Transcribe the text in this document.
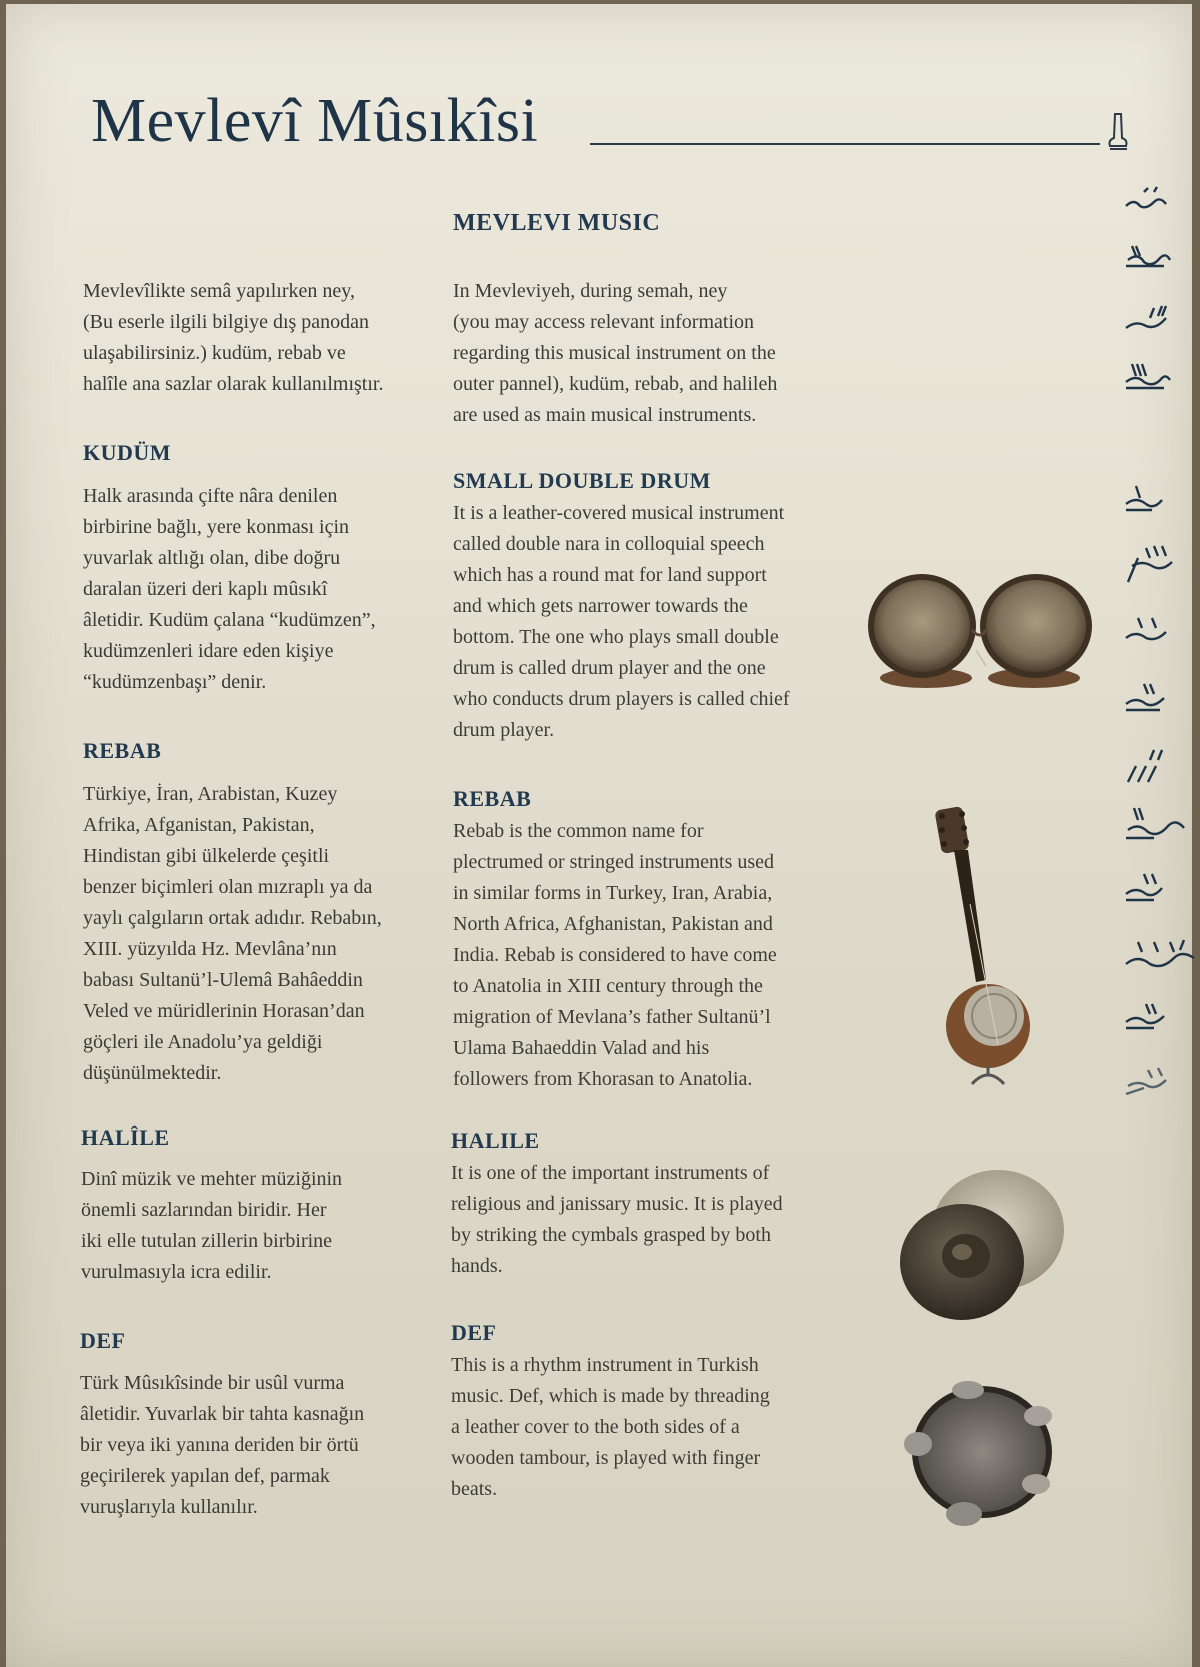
Mevlevî Mûsıkîsi

Mevlevîlikte semâ yapılırken ney,
(Bu eserle ilgili bilgiye dış panodan
ulaşabilirsiniz.) kudüm, rebab ve
halîle ana sazlar olarak kullanılmıştır.

KUDÜM

Halk arasında çifte nâra denilen
birbirine bağlı, yere konması için
yuvarlak altlığı olan, dibe doğru
daralan üzeri deri kaplı mûsıkî
âletidir. Kudüm çalana “kudümzen”,
kudümzenleri idare eden kişiye
“kudümzenbaşı” denir.

REBAB

Türkiye, İran, Arabistan, Kuzey
Afrika, Afganistan, Pakistan,
Hindistan gibi ülkelerde çeşitli
benzer biçimleri olan mızraplı ya da
yaylı çalgıların ortak adıdır. Rebabın,
XIII. yüzyılda Hz. Mevlâna’nın
babası Sultanü’l-Ulemâ Bahâeddin
Veled ve müridlerinin Horasan’dan
göçleri ile Anadolu’ya geldiği
düşünülmektedir.

HALÎLE

Dinî müzik ve mehter müziğinin
önemli sazlarından biridir. Her
iki elle tutulan zillerin birbirine
vurulmasıyla icra edilir.

DEF

Türk Mûsıkîsinde bir usûl vurma
âletidir. Yuvarlak bir tahta kasnağın
bir veya iki yanına deriden bir örtü
geçirilerek yapılan def, parmak
vuruşlarıyla kullanılır.

MEVLEVI MUSIC

In Mevleviyeh, during semah, ney
(you may access relevant information
regarding this musical instrument on the
outer pannel), kudüm, rebab, and halileh
are used as main musical instruments.

SMALL DOUBLE DRUM

It is a leather-covered musical instrument
called double nara in colloquial speech
which has a round mat for land support
and which gets narrower towards the
bottom. The one who plays small double
drum is called drum player and the one
who conducts drum players is called chief
drum player.

REBAB

Rebab is the common name for
plectrumed or stringed instruments used
in similar forms in Turkey, Iran, Arabia,
North Africa, Afghanistan, Pakistan and
India. Rebab is considered to have come
to Anatolia in XIII century through the
migration of Mevlana’s father Sultanü’l
Ulama Bahaeddin Valad and his
followers from Khorasan to Anatolia.

HALILE

It is one of the important instruments of
religious and janissary music. It is played
by striking the cymbals grasped by both
hands.

DEF

This is a rhythm instrument in Turkish
music. Def, which is made by threading
a leather cover to the both sides of a
wooden tambour, is played with finger
beats.
